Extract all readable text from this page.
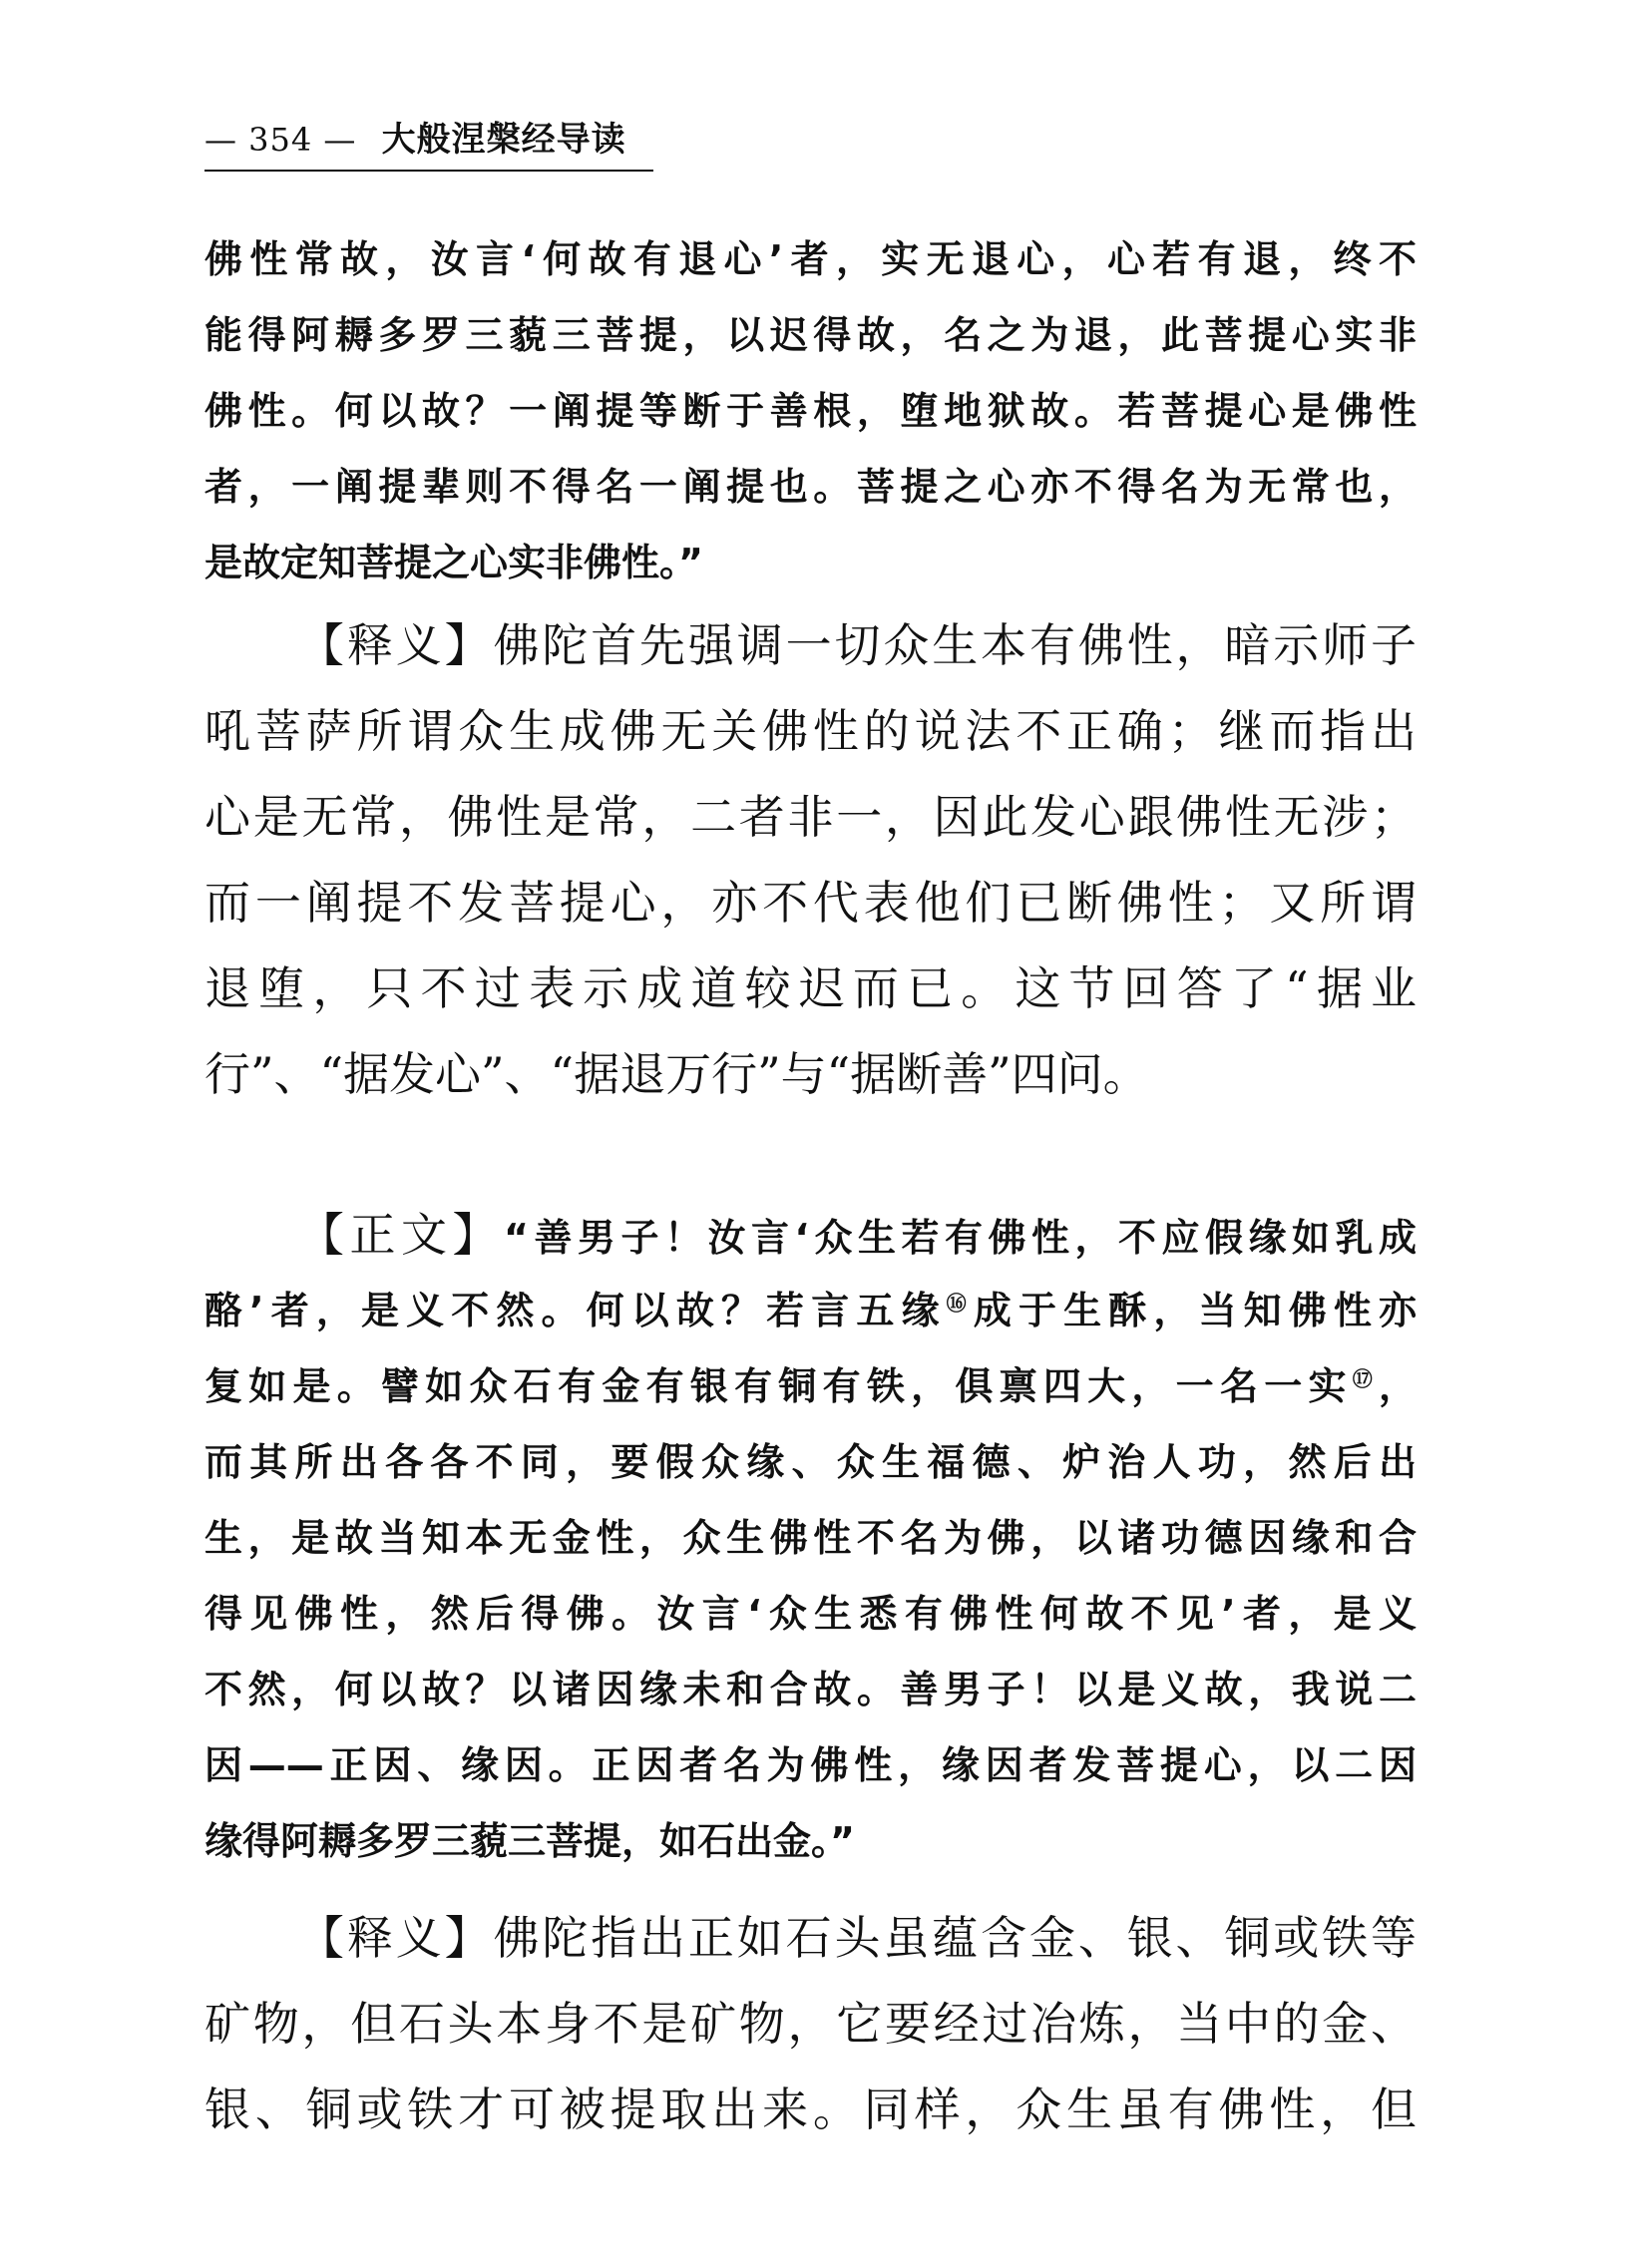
— 354 — 大般涅槃经导读
佛性常故，汝言‘何故有退心’者，实无退心，心若有退，终不
能得阿耨多罗三藐三菩提，以迟得故，名之为退，此菩提心实非
佛性。何以故？一阐提等断于善根，堕地狱故。若菩提心是佛性
者，一阐提辈则不得名一阐提也。菩提之心亦不得名为无常也，
是故定知菩提之心实非佛性。”
【释义】佛陀首先强调一切众生本有佛性，暗示师子
吼菩萨所谓众生成佛无关佛性的说法不正确；继而指出
心是无常，佛性是常，二者非一，因此发心跟佛性无涉；
而一阐提不发菩提心，亦不代表他们已断佛性；又所谓
退堕，只不过表示成道较迟而已。这节回答了“据业
行”、“据发心”、“据退万行”与“据断善”四问。
【正文】“善男子！汝言‘众生若有佛性，不应假缘如乳成
酪’者，是义不然。何以故？若言五缘⑯成于生酥，当知佛性亦
复如是。譬如众石有金有银有铜有铁，俱禀四大，一名一实⑰，
而其所出各各不同，要假众缘、众生福德、炉治人功，然后出
生，是故当知本无金性，众生佛性不名为佛，以诸功德因缘和合
得见佛性，然后得佛。汝言‘众生悉有佛性何故不见’者，是义
不然，何以故？以诸因缘未和合故。善男子！以是义故，我说二
因——正因、缘因。正因者名为佛性，缘因者发菩提心，以二因
缘得阿耨多罗三藐三菩提，如石出金。”
【释义】佛陀指出正如石头虽蕴含金、银、铜或铁等
矿物，但石头本身不是矿物，它要经过冶炼，当中的金、
银、铜或铁才可被提取出来。同样，众生虽有佛性，但
